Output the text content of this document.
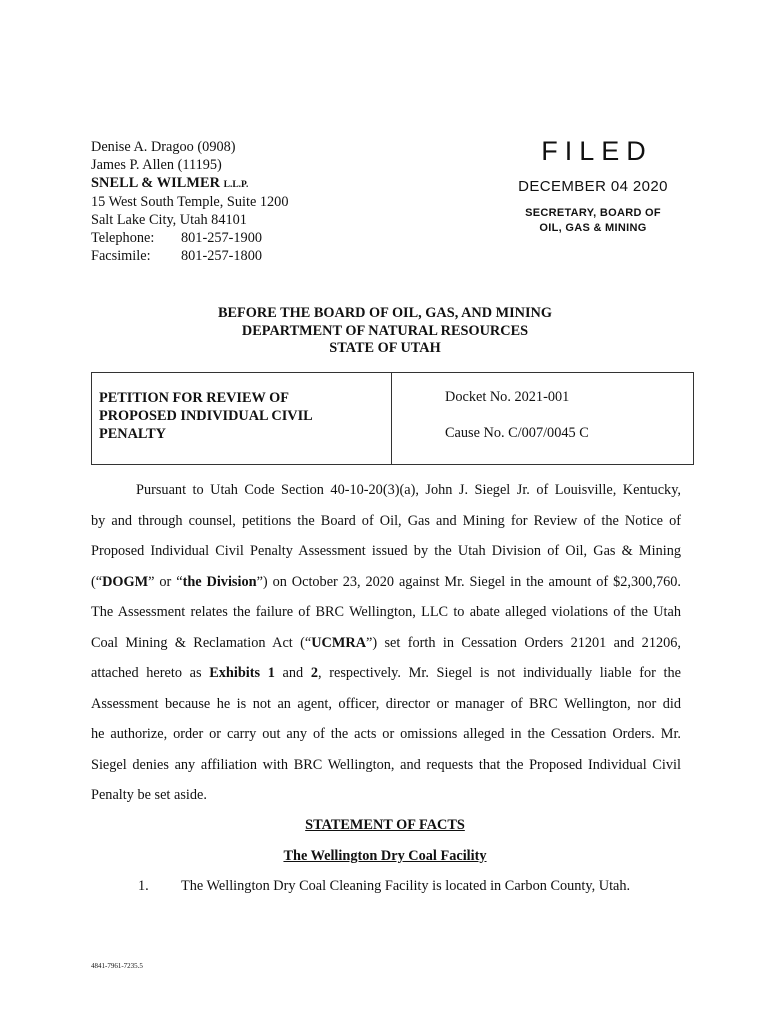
Denise A. Dragoo (0908)
James P. Allen (11195)
SNELL & WILMER L.L.P.
15 West South Temple, Suite 1200
Salt Lake City, Utah 84101
Telephone: 801-257-1900
Facsimile: 801-257-1800
FILED
DECEMBER 04 2020
SECRETARY, BOARD OF
OIL, GAS & MINING
BEFORE THE BOARD OF OIL, GAS, AND MINING
DEPARTMENT OF NATURAL RESOURCES
STATE OF UTAH
PETITION FOR REVIEW OF
PROPOSED INDIVIDUAL CIVIL
PENALTY
Docket No. 2021-001
Cause No. C/007/0045 C
Pursuant to Utah Code Section 40-10-20(3)(a), John J. Siegel Jr. of Louisville, Kentucky,
by and through counsel, petitions the Board of Oil, Gas and Mining for Review of the Notice of
Proposed Individual Civil Penalty Assessment issued by the Utah Division of Oil, Gas & Mining
(“DOGM” or “the Division”) on October 23, 2020 against Mr. Siegel in the amount of $2,300,760.
The Assessment relates the failure of BRC Wellington, LLC to abate alleged violations of the Utah
Coal Mining & Reclamation Act (“UCMRA”) set forth in Cessation Orders 21201 and 21206,
attached hereto as Exhibits 1 and 2, respectively. Mr. Siegel is not individually liable for the
Assessment because he is not an agent, officer, director or manager of BRC Wellington, nor did
he authorize, order or carry out any of the acts or omissions alleged in the Cessation Orders. Mr.
Siegel denies any affiliation with BRC Wellington, and requests that the Proposed Individual Civil
Penalty be set aside.
STATEMENT OF FACTS
The Wellington Dry Coal Facility
1. The Wellington Dry Coal Cleaning Facility is located in Carbon County, Utah.
4841-7961-7235.5
